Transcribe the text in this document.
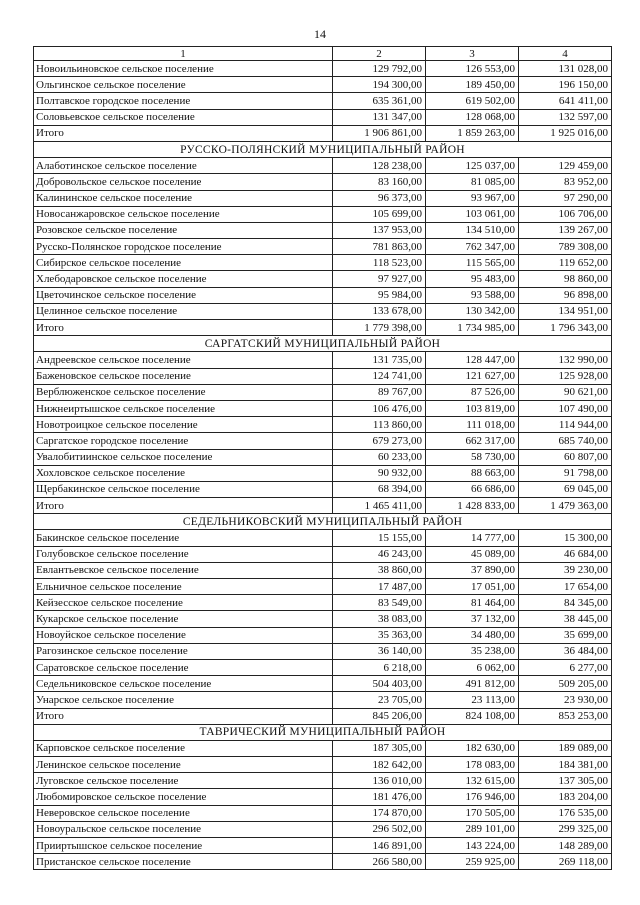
14
1	2	3	4
Новоильиновское сельское поселение	129 792,00	126 553,00	131 028,00
Ольгинское сельское поселение	194 300,00	189 450,00	196 150,00
Полтавское городское поселение	635 361,00	619 502,00	641 411,00
Соловьевское сельское поселение	131 347,00	128 068,00	132 597,00
Итого	1 906 861,00	1 859 263,00	1 925 016,00
РУССКО-ПОЛЯНСКИЙ МУНИЦИПАЛЬНЫЙ РАЙОН			
Алаботинское сельское поселение	128 238,00	125 037,00	129 459,00
Добровольское сельское поселение	83 160,00	81 085,00	83 952,00
Калининское сельское поселение	96 373,00	93 967,00	97 290,00
Новосанжаровское сельское поселение	105 699,00	103 061,00	106 706,00
Розовское сельское поселение	137 953,00	134 510,00	139 267,00
Русско-Полянское городское поселение	781 863,00	762 347,00	789 308,00
Сибирское сельское поселение	118 523,00	115 565,00	119 652,00
Хлебодаровское сельское поселение	97 927,00	95 483,00	98 860,00
Цветочинское сельское поселение	95 984,00	93 588,00	96 898,00
Целинное сельское поселение	133 678,00	130 342,00	134 951,00
Итого	1 779 398,00	1 734 985,00	1 796 343,00
САРГАТСКИЙ МУНИЦИПАЛЬНЫЙ РАЙОН			
Андреевское сельское поселение	131 735,00	128 447,00	132 990,00
Баженовское сельское поселение	124 741,00	121 627,00	125 928,00
Верблюженское сельское поселение	89 767,00	87 526,00	90 621,00
Нижнеиртышское сельское поселение	106 476,00	103 819,00	107 490,00
Новотроицкое сельское поселение	113 860,00	111 018,00	114 944,00
Саргатское городское поселение	679 273,00	662 317,00	685 740,00
Увалобитиинское сельское поселение	60 233,00	58 730,00	60 807,00
Хохловское сельское поселение	90 932,00	88 663,00	91 798,00
Щербакинское сельское поселение	68 394,00	66 686,00	69 045,00
Итого	1 465 411,00	1 428 833,00	1 479 363,00
СЕДЕЛЬНИКОВСКИЙ МУНИЦИПАЛЬНЫЙ РАЙОН			
Бакинское сельское поселение	15 155,00	14 777,00	15 300,00
Голубовское сельское поселение	46 243,00	45 089,00	46 684,00
Евлантьевское сельское поселение	38 860,00	37 890,00	39 230,00
Ельничное сельское поселение	17 487,00	17 051,00	17 654,00
Кейзесское сельское поселение	83 549,00	81 464,00	84 345,00
Кукарское сельское поселение	38 083,00	37 132,00	38 445,00
Новоуйское сельское поселение	35 363,00	34 480,00	35 699,00
Рагозинское сельское поселение	36 140,00	35 238,00	36 484,00
Саратовское сельское поселение	6 218,00	6 062,00	6 277,00
Седельниковское сельское поселение	504 403,00	491 812,00	509 205,00
Унарское сельское поселение	23 705,00	23 113,00	23 930,00
Итого	845 206,00	824 108,00	853 253,00
ТАВРИЧЕСКИЙ МУНИЦИПАЛЬНЫЙ РАЙОН			
Карповское сельское поселение	187 305,00	182 630,00	189 089,00
Ленинское сельское поселение	182 642,00	178 083,00	184 381,00
Луговское сельское поселение	136 010,00	132 615,00	137 305,00
Любомировское сельское поселение	181 476,00	176 946,00	183 204,00
Неверовское сельское поселение	174 870,00	170 505,00	176 535,00
Новоуральское сельское поселение	296 502,00	289 101,00	299 325,00
Прииртышское сельское поселение	146 891,00	143 224,00	148 289,00
Пристанское сельское поселение	266 580,00	259 925,00	269 118,00
